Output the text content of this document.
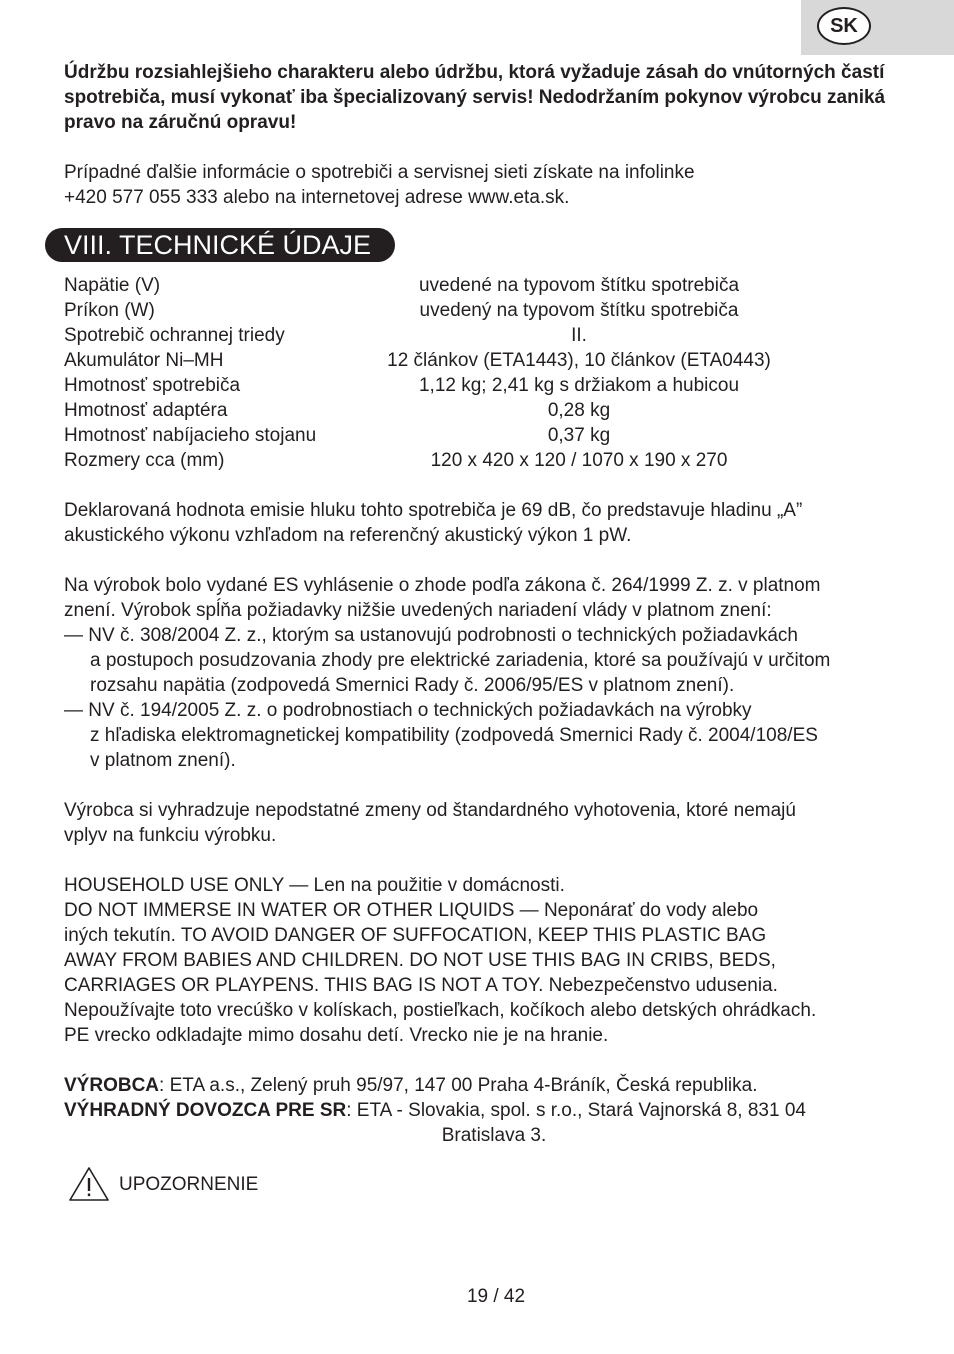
SK

Údržbu rozsiahlejšieho charakteru alebo údržbu, ktorá vyžaduje zásah do vnútorných častí spotrebiča, musí vykonať iba špecializovaný servis! Nedodržaním pokynov výrobcu zaniká pravo na záručnú opravu!

Prípadné ďalšie informácie o spotrebiči a servisnej sieti získate na infolinke

+420 577 055 333 alebo na internetovej adrese www.eta.sk.

VIII. TECHNICKÉ ÚDAJE
Napätie (V)	uvedené na typovom štítku spotrebiča
Príkon (W)	uvedený na typovom štítku spotrebiča
Spotrebič ochrannej triedy	II.
Akumulátor Ni–MH	12 článkov (ETA1443), 10 článkov (ETA0443)
Hmotnosť spotrebiča	1,12 kg; 2,41 kg s držiakom a hubicou
Hmotnosť adaptéra	0,28 kg
Hmotnosť nabíjacieho stojanu	0,37 kg
Rozmery cca (mm)	120 x 420 x 120 / 1070 x 190 x 270

Deklarovaná hodnota emisie hluku tohto spotrebiča je 69 dB, čo predstavuje hladinu „A”

akustického výkonu vzhľadom na referenčný akustický výkon 1 pW.

Na výrobok bolo vydané ES vyhlásenie o zhode podľa zákona č. 264/1999 Z. z. v platnom

znení. Výrobok spĺňa požiadavky nižšie uvedených nariadení vlády v platnom znení:

— NV č. 308/2004 Z. z., ktorým sa ustanovujú podrobnosti o technických požiadavkách

a postupoch posudzovania zhody pre elektrické zariadenia, ktoré sa používajú v určitom

rozsahu napätia (zodpovedá Smernici Rady č. 2006/95/ES v platnom znení).

— NV č. 194/2005 Z. z. o podrobnostiach o technických požiadavkách na výrobky

z hľadiska elektromagnetickej kompatibility (zodpovedá Smernici Rady č. 2004/108/ES

v platnom znení).

Výrobca si vyhradzuje nepodstatné zmeny od štandardného vyhotovenia, ktoré nemajú

vplyv na funkciu výrobku.

HOUSEHOLD USE ONLY — Len na použitie v domácnosti.

DO NOT IMMERSE IN WATER OR OTHER LIQUIDS — Neponárať do vody alebo

iných tekutín. TO AVOID DANGER OF SUFFOCATION, KEEP THIS PLASTIC BAG

AWAY FROM BABIES AND CHILDREN. DO NOT USE THIS BAG IN CRIBS, BEDS,

CARRIAGES OR PLAYPENS. THIS BAG IS NOT A TOY. Nebezpečenstvo udusenia.

Nepoužívajte toto vrecúško v kolískach, postieľkach, kočíkoch alebo detských ohrádkach.

PE vrecko odkladajte mimo dosahu detí. Vrecko nie je na hranie.

VÝROBCA: ETA a.s., Zelený pruh 95/97, 147 00 Praha 4-Bráník, Česká republika.

VÝHRADNÝ DOVOZCA PRE SR: ETA - Slovakia, spol. s r.o., Stará Vajnorská 8, 831 04

Bratislava 3.

UPOZORNENIE
19 / 42
